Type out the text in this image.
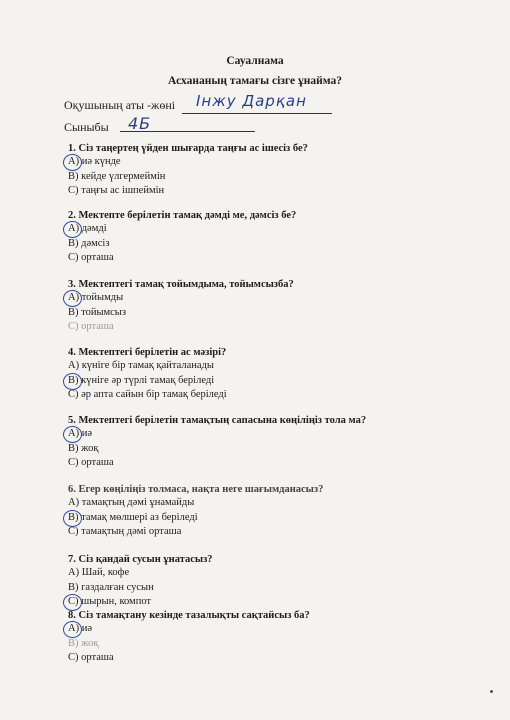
Сауалнама
Асхананың тамағы сізге ұнайма?
Оқушының аты -жөні Інжу Дарқан
Сыныбы 4Б
1. Сіз таңертең үйден шығарда таңғы ас ішесіз бе?
А) иә күнде
В) кейде үлгермеймін
С) таңғы ас ішпеймін
2. Мектепте берілетін тамақ дәмді ме, дәмсіз бе?
А) дәмді
В) дәмсіз
С) орташа
3. Мектептегі тамақ тойымдыма, тойымсызба?
А) тойымды
В) тойымсыз
С) орташа
4. Мектептегі берілетін ас мәзірі?
А) күніге бір тамақ қайталанады
В) күніге әр түрлі тамақ беріледі
С) әр апта сайын бір тамақ беріледі
5. Мектептегі берілетін тамақтың сапасына көңіліңіз тола ма?
А) иә
В) жоқ
С) орташа
6. Егер көңіліңіз толмаса, нақта неге шағымданасыз?
А) тамақтың дәмі ұнамайды
В) тамақ мөлшері аз беріледі
С) тамақтың дәмі орташа
7. Сіз қандай сусын ұнатасыз?
А) Шай, кофе
В) газдалған сусын
С) шырын, компот
8. Сіз тамақтану кезінде тазалықты сақтайсыз ба?
А) иә
В) жоқ
С) орташа
